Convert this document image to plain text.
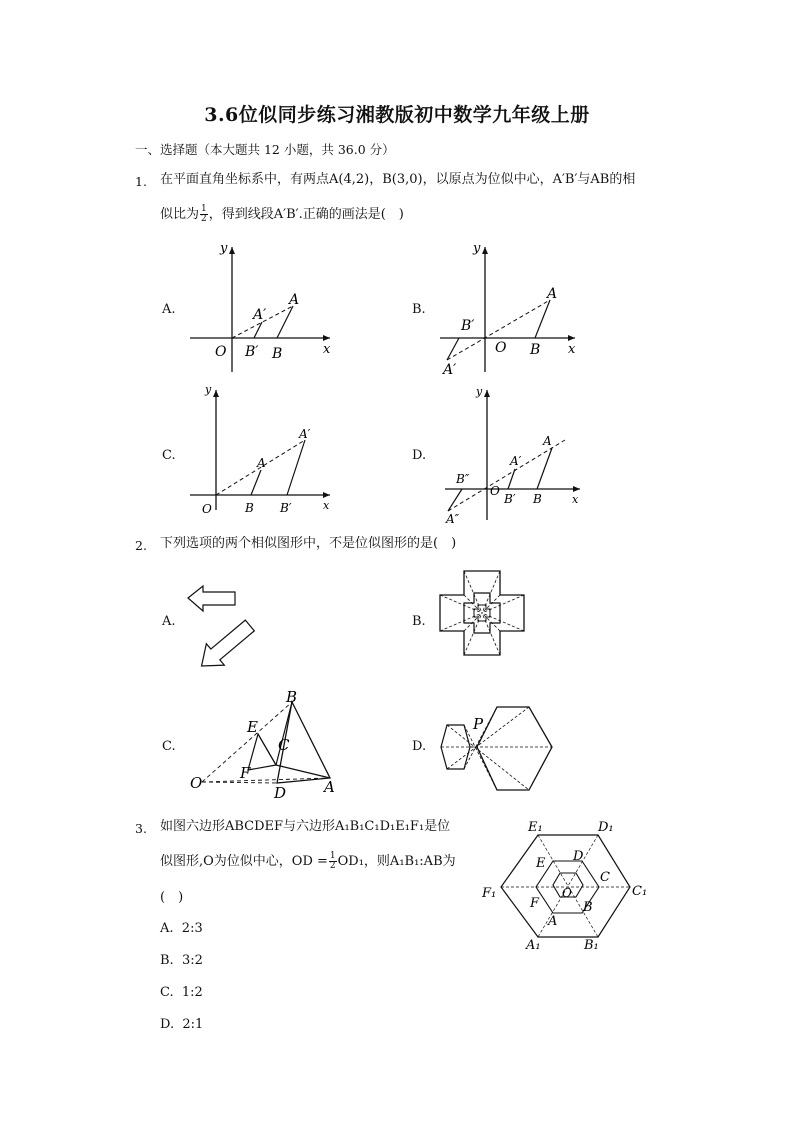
3.6位似同步练习湘教版初中数学九年级上册
一、选择题（本大题共 12 小题，共 36.0 分）
1. 在平面直角坐标系中，有两点A(4,2)，B(3,0)，以原点为位似中心，A′B′与AB的相
似比为 $\frac{1}{2}$ ，得到线段A′B′.正确的画法是(　)
A.	B.
C.	D.
y
x
O
A
A′
B′ B
y
x
O
A
B′
B
A′
y
x
O
A
A′
B B′
y
x
O
A
A′
B″
B′ B
A″
2. 下列选项的两个相似图形中，不是位似图形的是(　)
A.	B.
C.	D.
O
B
A
E
C
F
D
P
3. 如图六边形ABCDEF与六边形A₁B₁C₁D₁E₁F₁是位
似图形,O为位似中心，OD = $\frac{1}{2} OD_1$，则A₁B₁:AB为
(　)
A. 2:3
B. 3:2
C. 1:2
D. 2:1
E₁	D₁
F₁	C₁
A₁	B₁
E D
C
F
A
B
O
